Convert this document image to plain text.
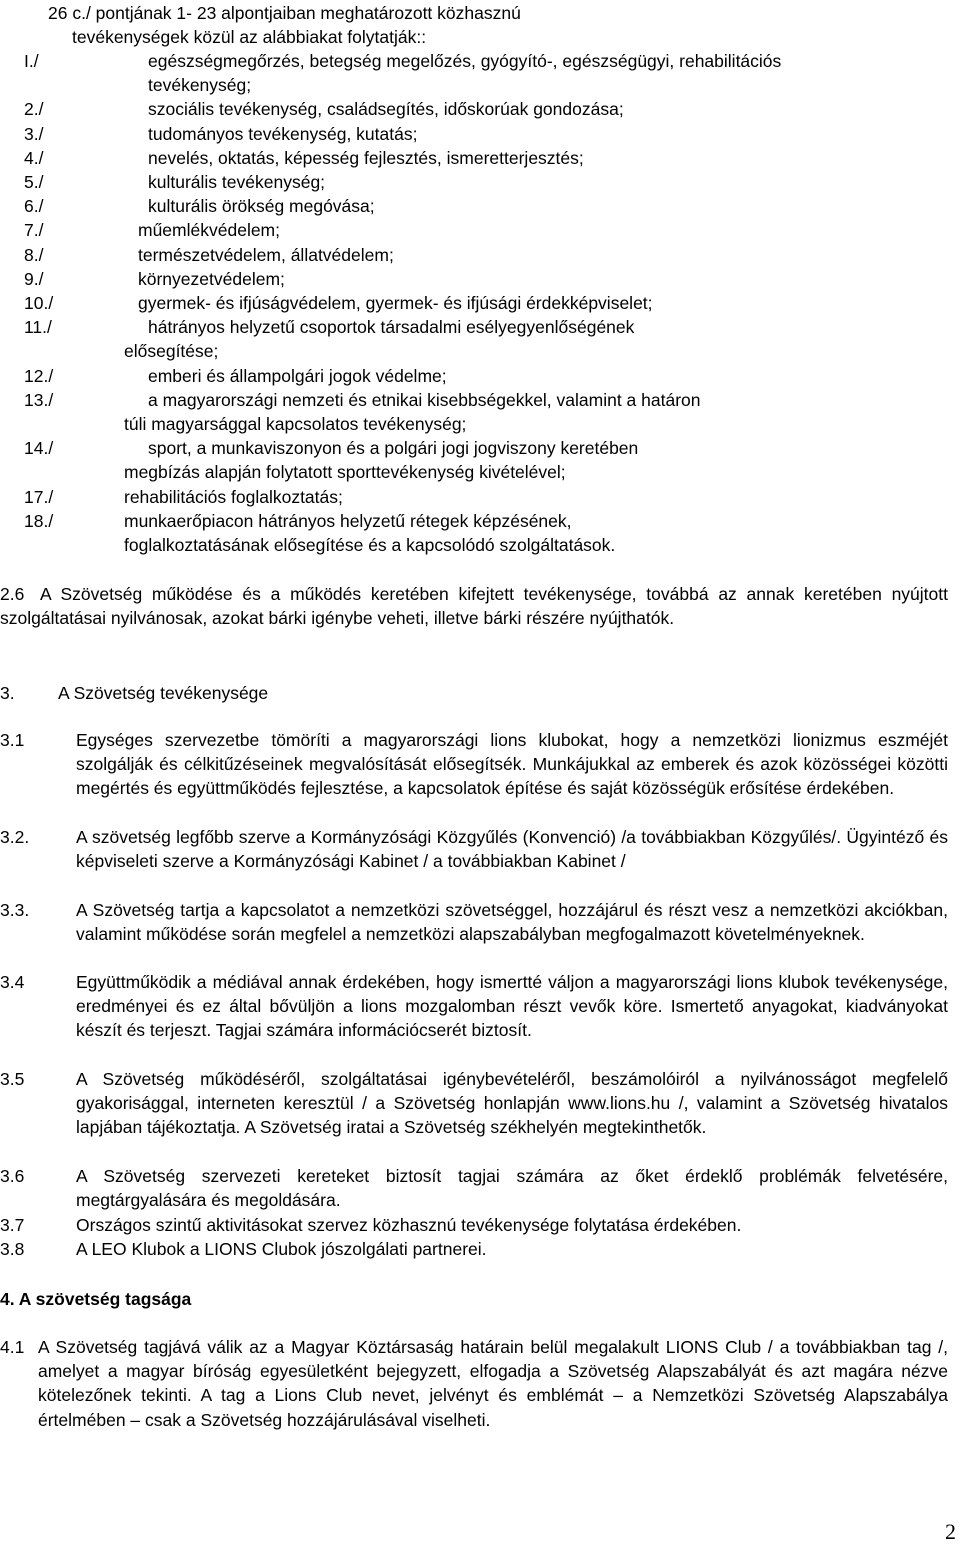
26 c./ pontjának 1- 23 alpontjaiban meghatározott közhasznú
tevékenységek közül az alábbiakat folytatják::
I./	egészségmegőrzés, betegség megelőzés, gyógyító-, egészségügyi, rehabilitációs
tevékenység;
2./	szociális tevékenység, családsegítés, időskorúak gondozása;
3./	tudományos tevékenység, kutatás;
4./	nevelés, oktatás, képesség fejlesztés, ismeretterjesztés;
5./	kulturális tevékenység;
6./	kulturális örökség megóvása;
7./	műemlékvédelem;
8./	természetvédelem, állatvédelem;
9./	környezetvédelem;
10./	gyermek- és ifjúságvédelem, gyermek- és ifjúsági érdekképviselet;
11./	hátrányos helyzetű csoportok társadalmi esélyegyenlőségének
elősegítése;
12./	emberi és állampolgári jogok védelme;
13./	a magyarországi nemzeti és etnikai kisebbségekkel, valamint a határon
túli magyarsággal kapcsolatos tevékenység;
14./	sport, a munkaviszonyon és a polgári jogi jogviszony keretében
megbízás alapján folytatott sporttevékenység kivételével;
17./	rehabilitációs foglalkoztatás;
18./	munkaerőpiacon hátrányos helyzetű rétegek képzésének,
foglalkoztatásának elősegítése és a kapcsolódó szolgáltatások.
2.6 A Szövetség működése és a működés keretében kifejtett tevékenysége, továbbá az annak keretében nyújtott szolgáltatásai nyilvánosak, azokat bárki igénybe veheti, illetve bárki részére nyújthatók.
3. A Szövetség tevékenysége
3.1	Egységes szervezetbe tömöríti a magyarországi lions klubokat, hogy a nemzetközi lionizmus eszméjét szolgálják és célkitűzéseinek megvalósítását elősegítsék. Munkájukkal az emberek és azok közösségei közötti megértés és együttműködés fejlesztése, a kapcsolatok építése és saját közösségük erősítése érdekében.
3.2.	A szövetség legfőbb szerve a Kormányzósági Közgyűlés (Konvenció) /a továbbiakban Közgyűlés/. Ügyintéző és képviseleti szerve a Kormányzósági Kabinet / a továbbiakban Kabinet /
3.3.	A Szövetség tartja a kapcsolatot a nemzetközi szövetséggel, hozzájárul és részt vesz a nemzetközi akciókban, valamint működése során megfelel a nemzetközi alapszabályban megfogalmazott követelményeknek.
3.4	Együttműködik a médiával annak érdekében, hogy ismertté váljon a magyarországi lions klubok tevékenysége, eredményei és ez által bővüljön a lions mozgalomban részt vevők köre. Ismertető anyagokat, kiadványokat készít és terjeszt. Tagjai számára információcserét biztosít.
3.5	A Szövetség működéséről, szolgáltatásai igénybevételéről, beszámolóiról a nyilvánosságot megfelelő gyakorisággal, interneten keresztül / a Szövetség honlapján www.lions.hu /, valamint a Szövetség hivatalos lapjában tájékoztatja. A Szövetség iratai a Szövetség székhelyén megtekinthetők.
3.6	A Szövetség szervezeti kereteket biztosít tagjai számára az őket érdeklő problémák felvetésére, megtárgyalására és megoldására.
3.7	Országos szintű aktivitásokat szervez közhasznú tevékenysége folytatása érdekében.
3.8	A LEO Klubok a LIONS Clubok jószolgálati partnerei.
4. A szövetség tagsága
4.1 A Szövetség tagjává válik az a Magyar Köztársaság határain belül megalakult LIONS Club / a továbbiakban tag /, amelyet a magyar bíróság egyesületként bejegyzett, elfogadja a Szövetség Alapszabályát és azt magára nézve kötelezőnek tekinti. A tag a Lions Club nevet, jelvényt és emblémát – a Nemzetközi Szövetség Alapszabálya értelmében – csak a Szövetség hozzájárulásával viselheti.
2
